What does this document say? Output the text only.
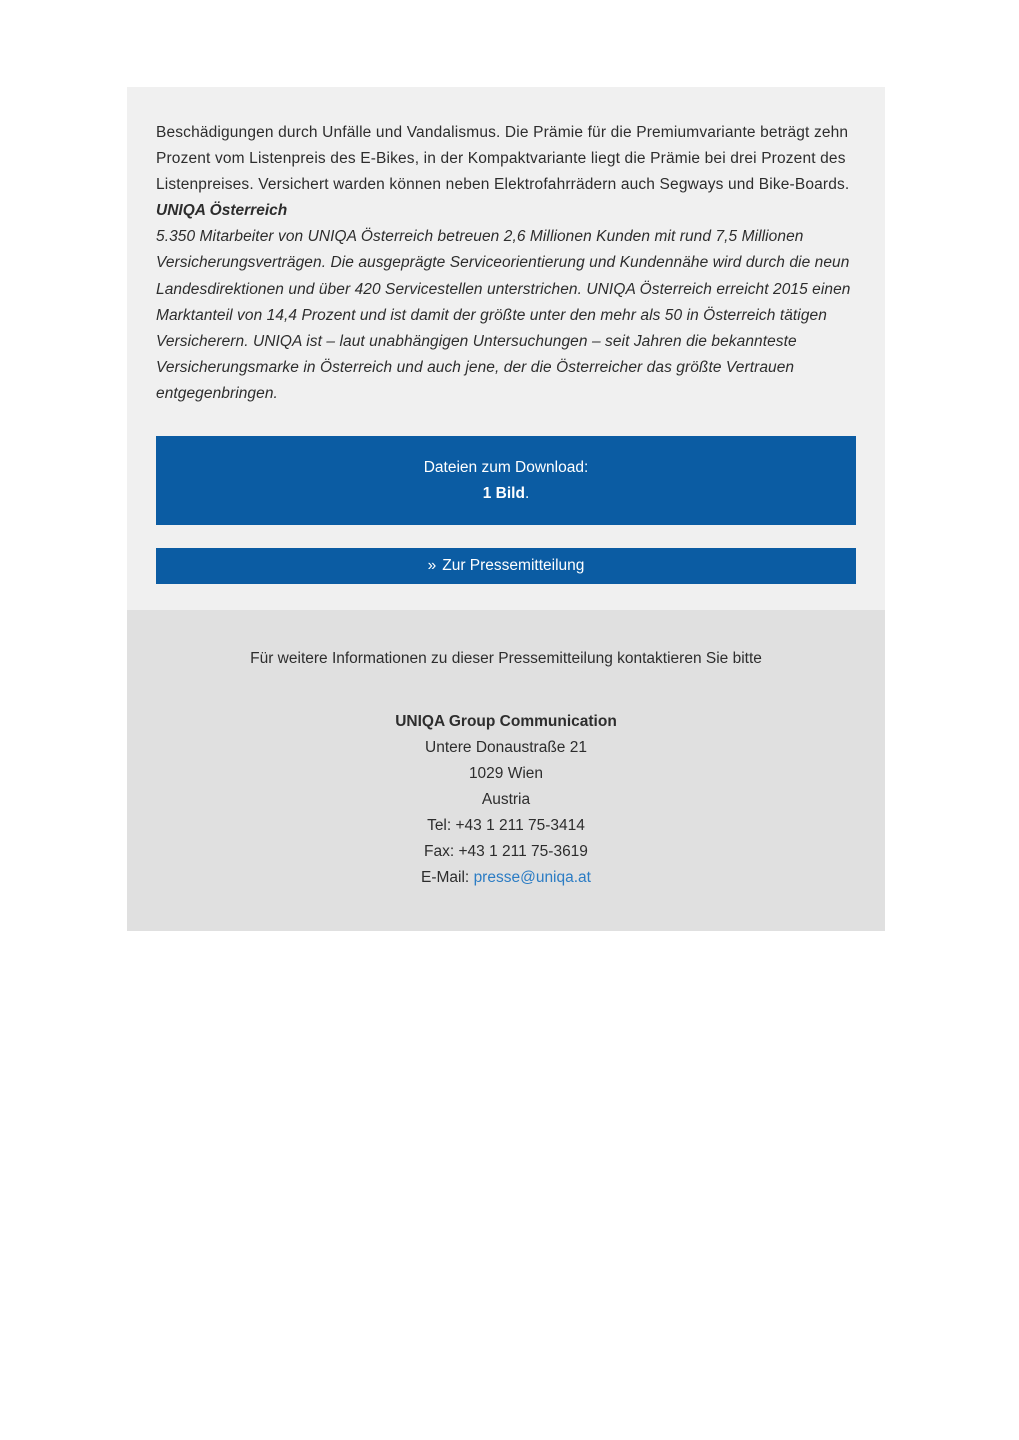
Beschädigungen durch Unfälle und Vandalismus. Die Prämie für die Premiumvariante beträgt zehn Prozent vom Listenpreis des E-Bikes, in der Kompaktvariante liegt die Prämie bei drei Prozent des Listenpreises. Versichert warden können neben Elektrofahrrädern auch Segways und Bike-Boards.

UNIQA Österreich

5.350 Mitarbeiter von UNIQA Österreich betreuen 2,6 Millionen Kunden mit rund 7,5 Millionen Versicherungsverträgen. Die ausgeprägte Serviceorientierung und Kundennähe wird durch die neun Landesdirektionen und über 420 Servicestellen unterstrichen. UNIQA Österreich erreicht 2015 einen Marktanteil von 14,4 Prozent und ist damit der größte unter den mehr als 50 in Österreich tätigen Versicherern. UNIQA ist – laut unabhängigen Untersuchungen – seit Jahren die bekannteste Versicherungsmarke in Österreich und auch jene, der die Österreicher das größte Vertrauen entgegenbringen.

Dateien zum Download:
1 Bild.
» Zur Pressemitteilung

Für weitere Informationen zu dieser Pressemitteilung kontaktieren Sie bitte

UNIQA Group Communication

Untere Donaustraße 21

1029 Wien

Austria

Tel: +43 1 211 75-3414

Fax: +43 1 211 75-3619

E-Mail: presse@uniqa.at
